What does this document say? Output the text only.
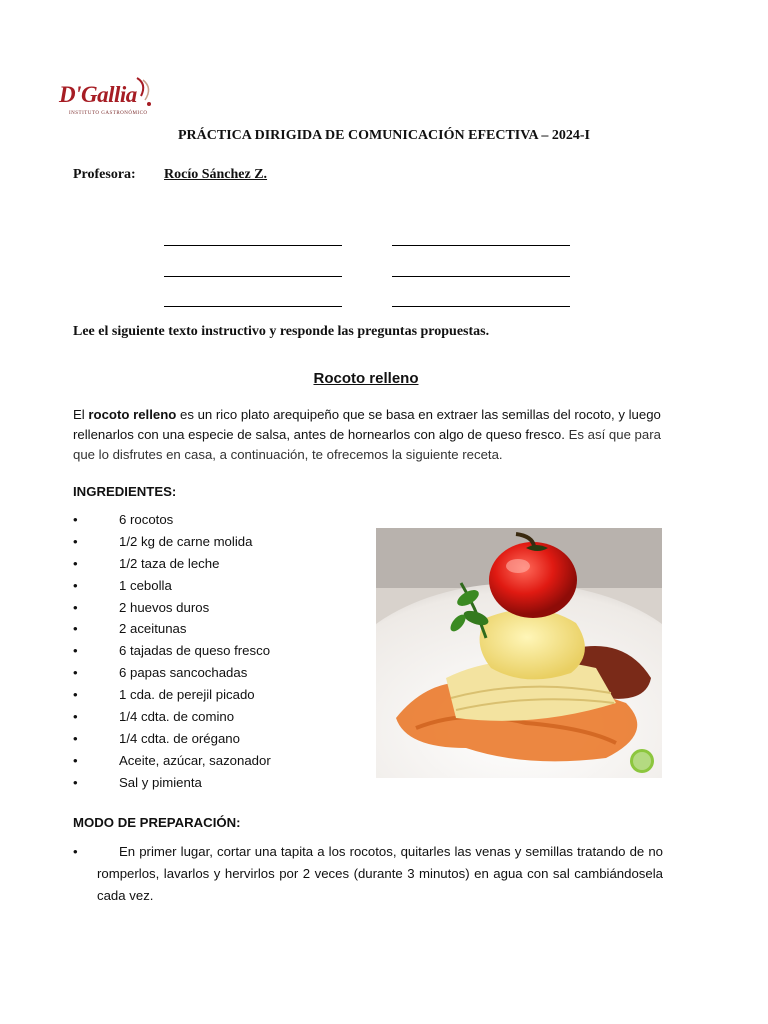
D'Gallia
INSTITUTO GASTRONÓMICO
PRÁCTICA DIRIGIDA DE COMUNICACIÓN EFECTIVA – 2024-I
Profesora: Rocío Sánchez Z.
Lee el siguiente texto instructivo y responde las preguntas propuestas.
Rocoto relleno
El rocoto relleno es un rico plato arequipeño que se basa en extraer las semillas del rocoto, y luego rellenarlos con una especie de salsa, antes de hornearlos con algo de queso fresco. Es así que para que lo disfrutes en casa, a continuación, te ofrecemos la siguiente receta.
INGREDIENTES:
•	6 rocotos
•	1/2 kg de carne molida
•	1/2 taza de leche
•	1 cebolla
•	2 huevos duros
•	2 aceitunas
•	6 tajadas de queso fresco
•	6 papas sancochadas
•	1 cda. de perejil picado
•	1/4 cdta. de comino
•	1/4 cdta. de orégano
•	Aceite, azúcar, sazonador
•	Sal y pimienta
MODO DE PREPARACIÓN:
•	En primer lugar, cortar una tapita a los rocotos, quitarles las venas y semillas tratando de no romperlos, lavarlos y hervirlos por 2 veces (durante 3 minutos) en agua con sal cambiándosela cada vez.
